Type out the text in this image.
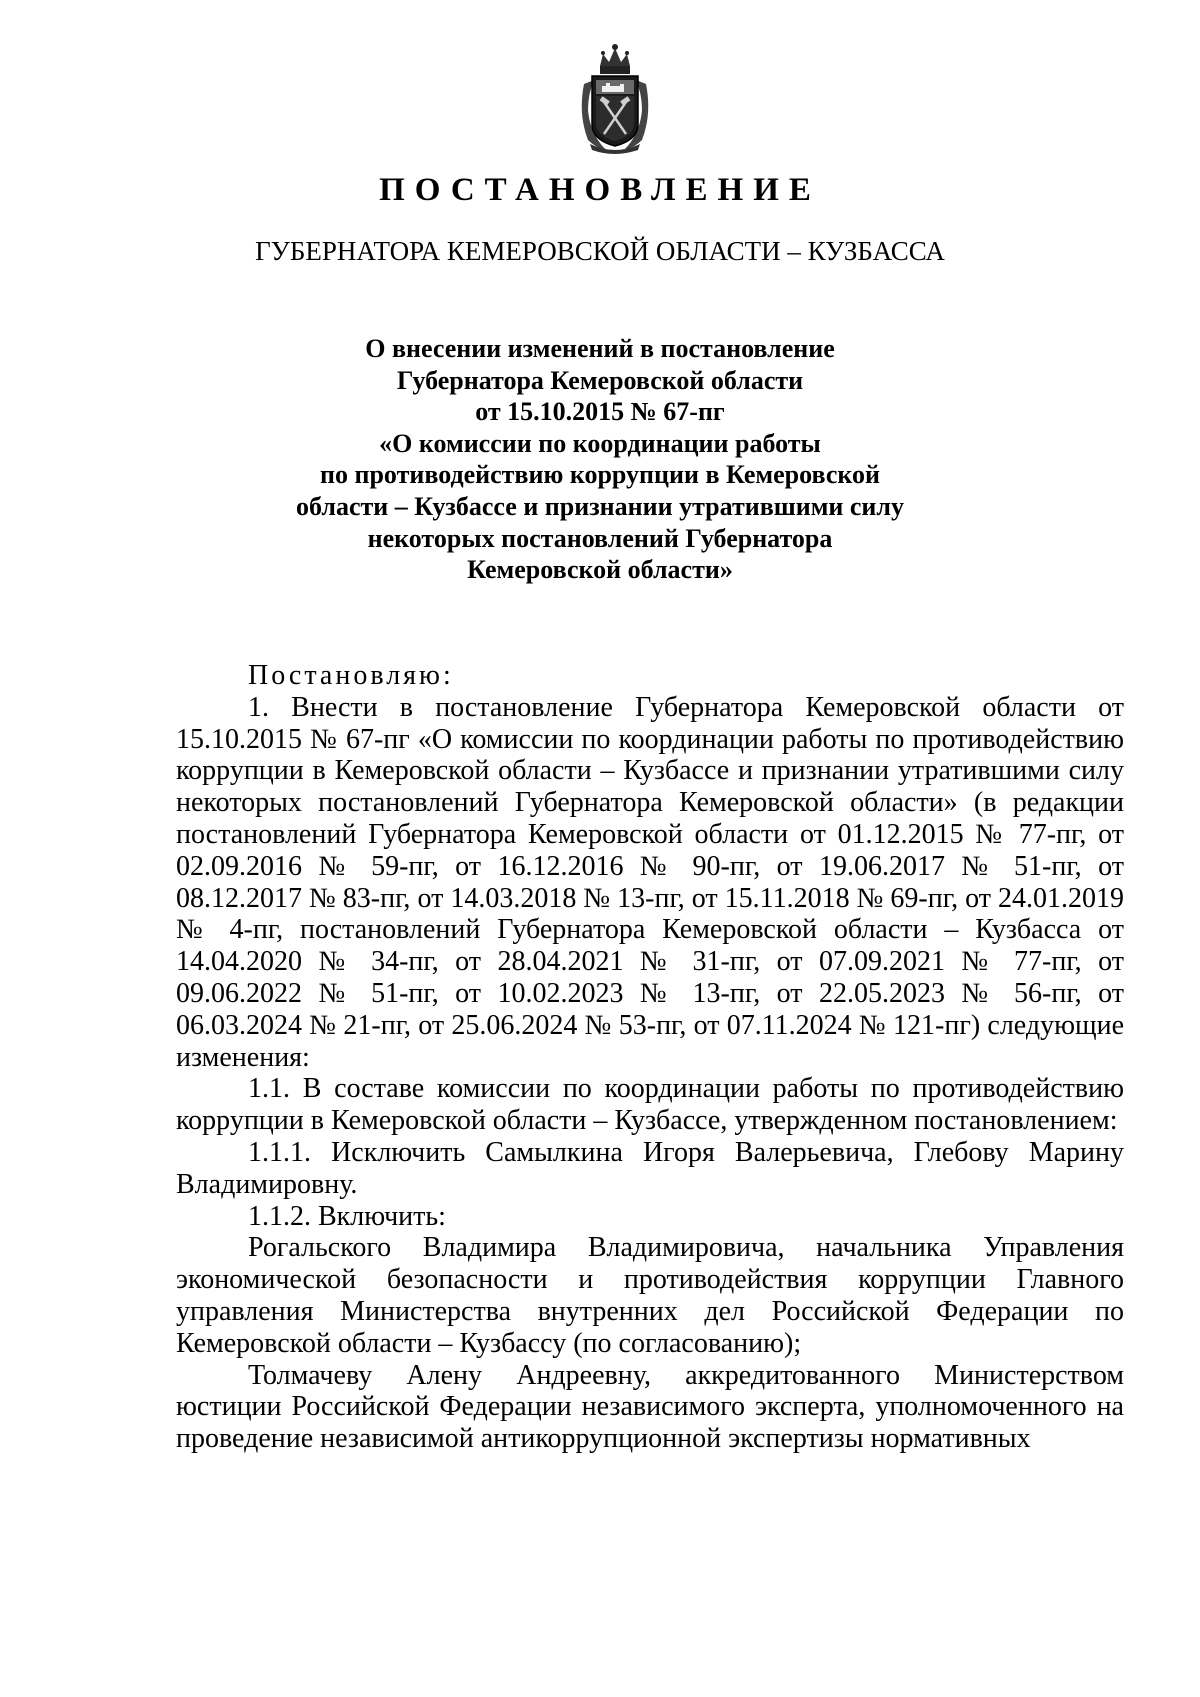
ПОСТАНОВЛЕНИЕ
ГУБЕРНАТОРА КЕМЕРОВСКОЙ ОБЛАСТИ – КУЗБАССА
О внесении изменений в постановление
Губернатора Кемеровской области
от 15.10.2015 № 67-пг
«О комиссии по координации работы
по противодействию коррупции в Кемеровской
области – Кузбассе и признании утратившими силу
некоторых постановлений Губернатора
Кемеровской области»

Постановляю:

1. Внести в постановление Губернатора Кемеровской области от 15.10.2015 № 67-пг «О комиссии по координации работы по противодействию коррупции в Кемеровской области – Кузбассе и признании утратившими силу некоторых постановлений Губернатора Кемеровской области» (в редакции постановлений Губернатора Кемеровской области от 01.12.2015 № 77-пг, от 02.09.2016 № 59-пг, от 16.12.2016 № 90-пг, от 19.06.2017 № 51-пг, от 08.12.2017 № 83-пг, от 14.03.2018 № 13-пг, от 15.11.2018 № 69-пг, от 24.01.2019 № 4-пг, постановлений Губернатора Кемеровской области – Кузбасса от 14.04.2020 № 34-пг, от 28.04.2021 № 31-пг, от 07.09.2021 № 77-пг, от 09.06.2022 № 51-пг, от 10.02.2023 № 13-пг, от 22.05.2023 № 56-пг, от 06.03.2024 № 21-пг, от 25.06.2024 № 53-пг, от 07.11.2024 № 121-пг) следующие изменения:

1.1. В составе комиссии по координации работы по противодействию коррупции в Кемеровской области – Кузбассе, утвержденном постановлением:

1.1.1. Исключить Самылкина Игоря Валерьевича, Глебову Марину Владимировну.

1.1.2. Включить:

Рогальского Владимира Владимировича, начальника Управления экономической безопасности и противодействия коррупции Главного управления Министерства внутренних дел Российской Федерации по Кемеровской области – Кузбассу (по согласованию);

Толмачеву Алену Андреевну, аккредитованного Министерством юстиции Российской Федерации независимого эксперта, уполномоченного на проведение независимой антикоррупционной экспертизы нормативных
